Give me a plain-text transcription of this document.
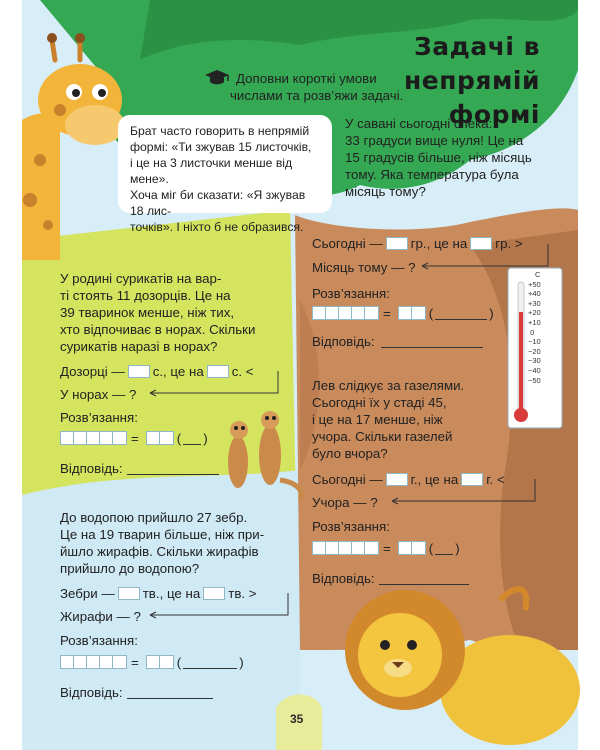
Задачі в непрямій
формі
Доповни короткі умови
числами та розв’яжи задачі.
Брат часто говорить в непрямій
формі: «Ти зжував 15 листочків,
і це на 3 листочки менше від мене».
Хоча міг би сказати: «Я зжував 18 лис-
точків». І ніхто б не образився.
У савані сьогодні спека:
33 градуси вище нуля! Це на
15 градусів більше, ніж місяць
тому. Яка температура була
місяць тому?
Сьогодні — гр., це на гр. >
Місяць тому — ?
Розв’язання:
=	(	)
Відповідь:
С
+50
+40
+30
+20
+10
0
−10
−20
−30
−40
−50
У родині сурикатів на вар-
ті стоять 11 дозорців. Це на
39 тваринок менше, ніж тих,
хто відпочиває в норах. Скільки
сурикатів наразі в норах?
Дозорці — с., це на с. <
У норах — ?
Розв’язання:
=	( )
Відповідь:
Лев слідкує за газелями.
Сьогодні їх у стаді 45,
і це на 17 менше, ніж
учора. Скільки газелей
було вчора?
Сьогодні — г., це на г. <
Учора — ?
Розв’язання:
=	( )
Відповідь:
До водопою прийшло 27 зебр.
Це на 19 тварин більше, ніж при-
йшло жирафів. Скільки жирафів
прийшло до водопою?
Зебри — тв., це на тв. >
Жирафи — ?
Розв’язання:
=	(	)
Відповідь:
35
